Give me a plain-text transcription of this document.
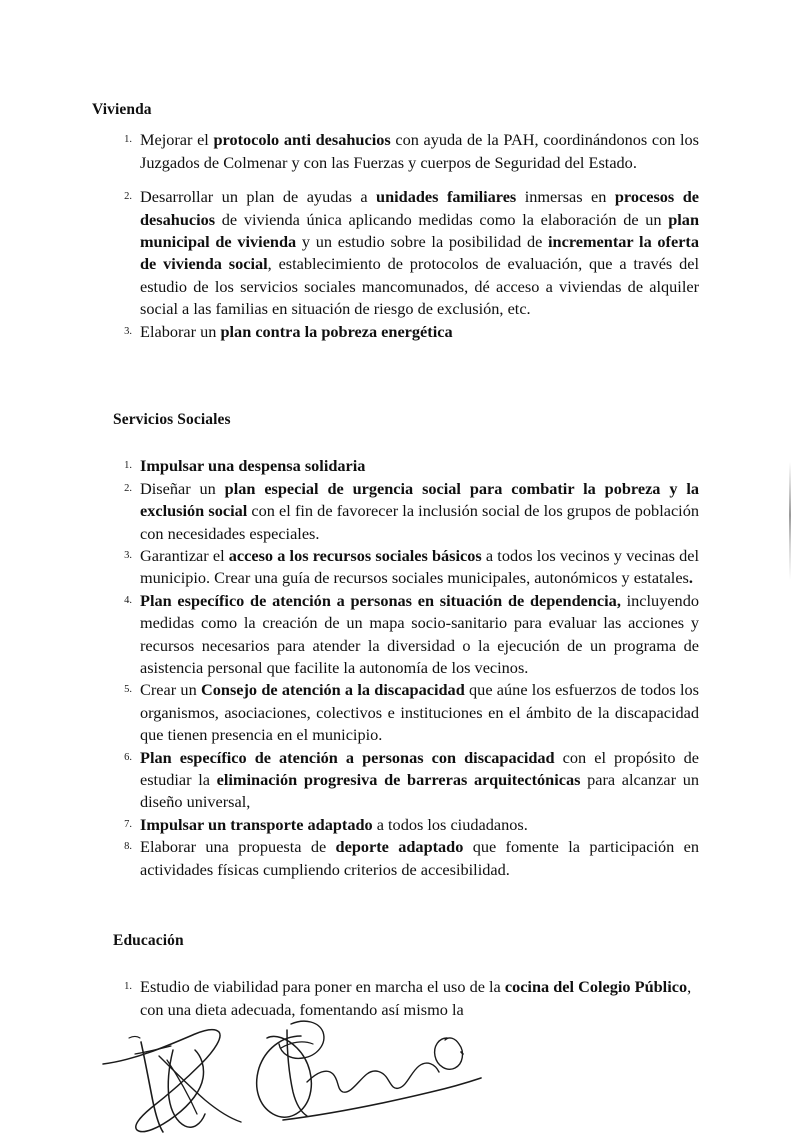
Vivienda
1. Mejorar el protocolo anti desahucios con ayuda de la PAH, coordinándonos con los Juzgados de Colmenar y con las Fuerzas y cuerpos de Seguridad del Estado.
2. Desarrollar un plan de ayudas a unidades familiares inmersas en procesos de desahucios de vivienda única aplicando medidas como la elaboración de un plan municipal de vivienda y un estudio sobre la posibilidad de incrementar la oferta de vivienda social, establecimiento de protocolos de evaluación, que a través del estudio de los servicios sociales mancomunados, dé acceso a viviendas de alquiler social a las familias en situación de riesgo de exclusión, etc.
3. Elaborar un plan contra la pobreza energética
Servicios Sociales
1. Impulsar una despensa solidaria
2. Diseñar un plan especial de urgencia social para combatir la pobreza y la exclusión social con el fin de favorecer la inclusión social de los grupos de población con necesidades especiales.
3. Garantizar el acceso a los recursos sociales básicos a todos los vecinos y vecinas del municipio. Crear una guía de recursos sociales municipales, autonómicos y estatales.
4. Plan específico de atención a personas en situación de dependencia, incluyendo medidas como la creación de un mapa socio-sanitario para evaluar las acciones y recursos necesarios para atender la diversidad o la ejecución de un programa de asistencia personal que facilite la autonomía de los vecinos.
5. Crear un Consejo de atención a la discapacidad que aúne los esfuerzos de todos los organismos, asociaciones, colectivos e instituciones en el ámbito de la discapacidad que tienen presencia en el municipio.
6. Plan específico de atención a personas con discapacidad con el propósito de estudiar la eliminación progresiva de barreras arquitectónicas para alcanzar un diseño universal,
7. Impulsar un transporte adaptado a todos los ciudadanos.
8. Elaborar una propuesta de deporte adaptado que fomente la participación en actividades físicas cumpliendo criterios de accesibilidad.
Educación
1. Estudio de viabilidad para poner en marcha el uso de la cocina del Colegio Público, con una dieta adecuada, fomentando así mismo la
